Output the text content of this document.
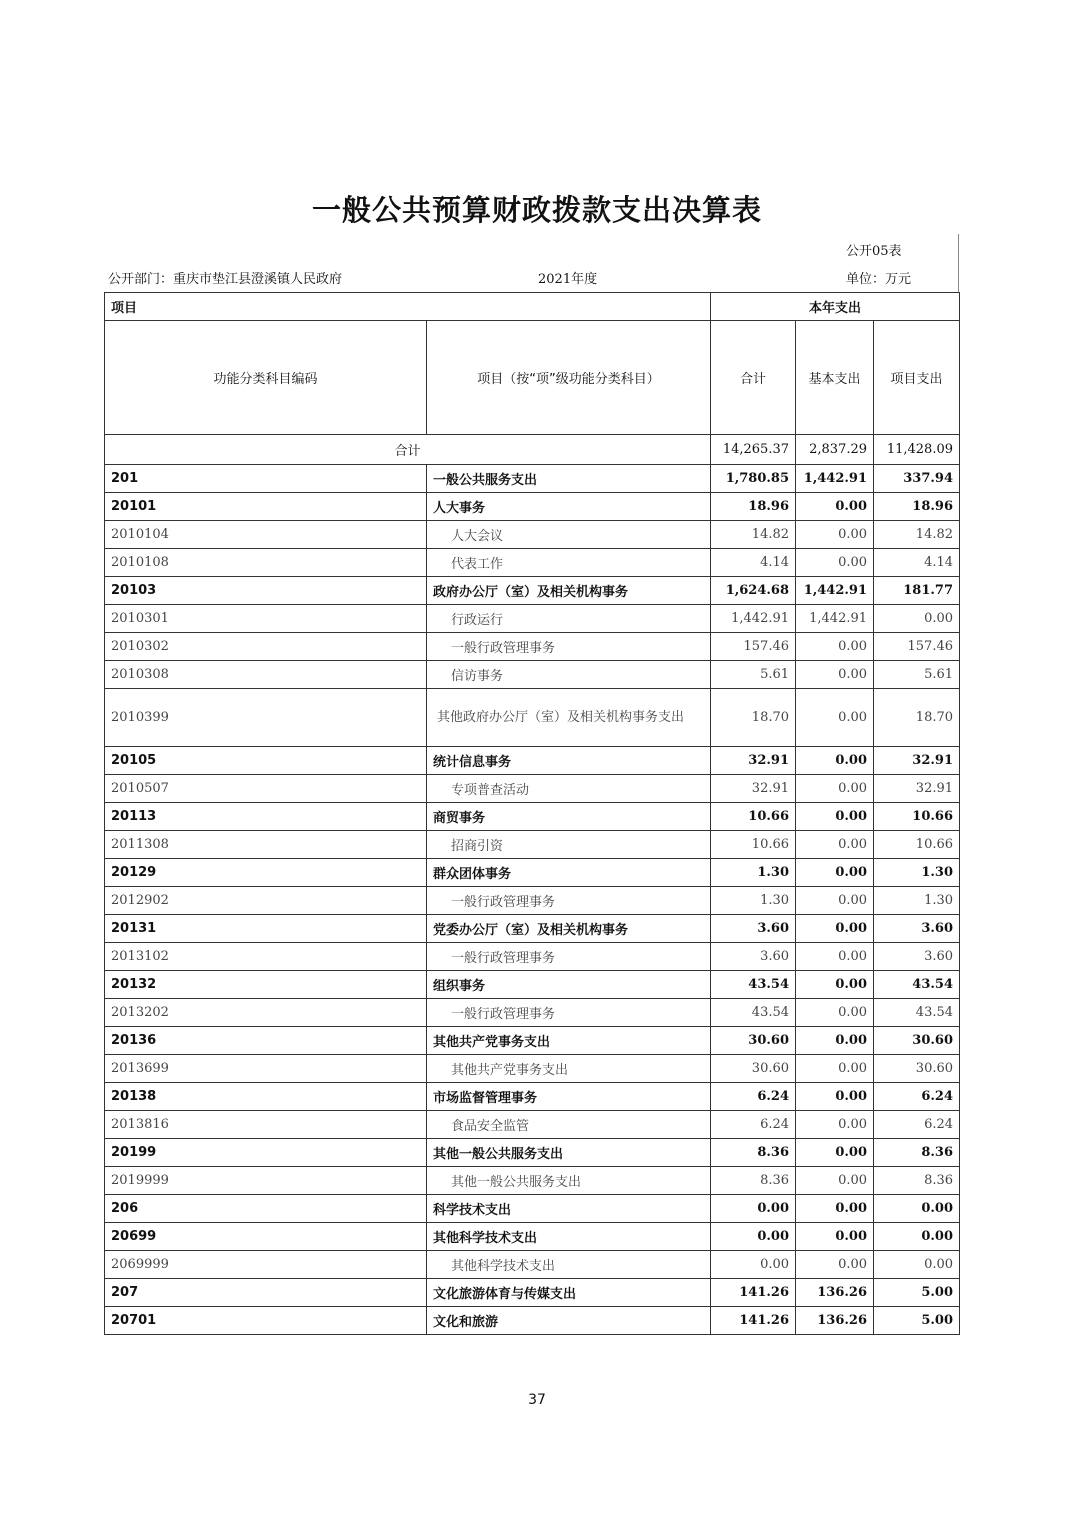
一般公共预算财政拨款支出决算表
公开05表
公开部门：重庆市垫江县澄溪镇人民政府	2021年度	单位：万元
项目		本年支出		
功能分类科目编码	项目（按“项”级功能分类科目）	合计	基本支出	项目支出
合计		14,265.37	2,837.29	11,428.09
201	一般公共服务支出	1,780.85	1,442.91	337.94
20101	人大事务	18.96	0.00	18.96
2010104	人大会议	14.82	0.00	14.82
2010108	代表工作	4.14	0.00	4.14
20103	政府办公厅（室）及相关机构事务	1,624.68	1,442.91	181.77
2010301	行政运行	1,442.91	1,442.91	0.00
2010302	一般行政管理事务	157.46	0.00	157.46
2010308	信访事务	5.61	0.00	5.61
2010399	其他政府办公厅（室）及相关机构事务支出	18.70	0.00	18.70
20105	统计信息事务	32.91	0.00	32.91
2010507	专项普查活动	32.91	0.00	32.91
20113	商贸事务	10.66	0.00	10.66
2011308	招商引资	10.66	0.00	10.66
20129	群众团体事务	1.30	0.00	1.30
2012902	一般行政管理事务	1.30	0.00	1.30
20131	党委办公厅（室）及相关机构事务	3.60	0.00	3.60
2013102	一般行政管理事务	3.60	0.00	3.60
20132	组织事务	43.54	0.00	43.54
2013202	一般行政管理事务	43.54	0.00	43.54
20136	其他共产党事务支出	30.60	0.00	30.60
2013699	其他共产党事务支出	30.60	0.00	30.60
20138	市场监督管理事务	6.24	0.00	6.24
2013816	食品安全监管	6.24	0.00	6.24
20199	其他一般公共服务支出	8.36	0.00	8.36
2019999	其他一般公共服务支出	8.36	0.00	8.36
206	科学技术支出	0.00	0.00	0.00
20699	其他科学技术支出	0.00	0.00	0.00
2069999	其他科学技术支出	0.00	0.00	0.00
207	文化旅游体育与传媒支出	141.26	136.26	5.00
20701	文化和旅游	141.26	136.26	5.00
37
